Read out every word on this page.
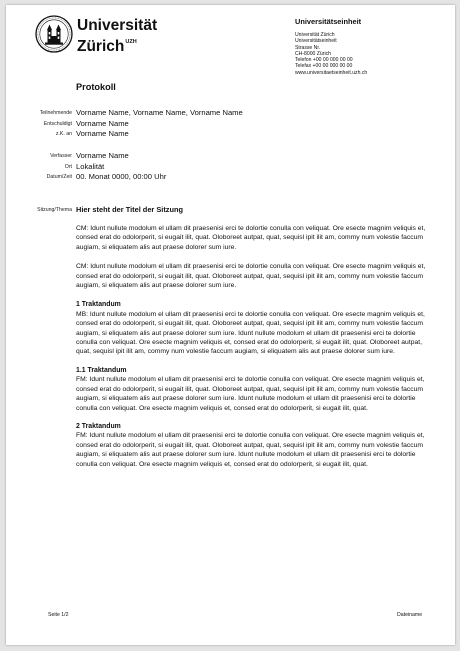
Universität
Zürich$^{UZH}$
Universitätseinheit
Universität Zürich
Universitätseinheit
Strasse Nr.
CH-8000 Zürich
Telefon +00 00 000 00 00
Telefax +00 00 000 00 00
www.universitaetseinheit.uzh.ch
Protokoll
Teilnehmende Vorname Name, Vorname Name, Vorname Name
Entschuldigt Vorname Name
z.K. an Vorname Name
Verfasser Vorname Name
Ort Lokalität
Datum/Zeit 00. Monat 0000, 00:00 Uhr
Sitzung/Thema Hier steht der Titel der Sitzung

CM: Idunt nullute modolum el ullam dit praesenisi erci te dolortie conulla con veliquat. Ore esecte magnim veliquis et, consed erat do odolorperit, si eugait ilit, quat. Oloboreet autpat, quat, sequisl ipit ilit am, commy num volestie faccum augiam, si eliquatem alis aut praese dolorer sum iure.

CM: Idunt nullute modolum el ullam dit praesenisi erci te dolortie conulla con veliquat. Ore esecte magnim veliquis et, consed erat do odolorperit, si eugait ilit, quat. Oloboreet autpat, quat, sequisl ipit ilit am, commy num volestie faccum augiam, si eliquatem alis aut praese dolorer sum iure.

1 Traktandum
MB: Idunt nullute modolum el ullam dit praesenisi erci te dolortie conulla con veliquat. Ore esecte magnim veliquis et, consed erat do odolorperit, si eugait ilit, quat. Oloboreet autpat, quat, sequisl ipit ilit am, commy num volestie faccum augiam, si eliquatem alis aut praese dolorer sum iure. Idunt nullute modolum el ullam dit praesenisi erci te dolortie conulla con veliquat. Ore esecte magnim veliquis et, consed erat do odolorperit, si eugait ilit, quat. Oloboreet autpat, quat, sequisl ipit ilit am, commy num volestie faccum augiam, si eliquatem alis aut praese dolorer sum iure.
1.1 Traktandum
FM: Idunt nullute modolum el ullam dit praesenisi erci te dolortie conulla con veliquat. Ore esecte magnim veliquis et, consed erat do odolorperit, si eugait ilit, quat. Oloboreet autpat, quat, sequisl ipit ilit am, commy num volestie faccum augiam, si eliquatem alis aut praese dolorer sum iure. Idunt nullute modolum el ullam dit praesenisi erci te dolortie conulla con veliquat. Ore esecte magnim veliquis et, consed erat do odolorperit, si eugait ilit, quat.
2 Traktandum
FM: Idunt nullute modolum el ullam dit praesenisi erci te dolortie conulla con veliquat. Ore esecte magnim veliquis et, consed erat do odolorperit, si eugait ilit, quat. Oloboreet autpat, quat, sequisl ipit ilit am, commy num volestie faccum augiam, si eliquatem alis aut praese dolorer sum iure. Idunt nullute modolum el ullam dit praesenisi erci te dolortie conulla con veliquat. Ore esecte magnim veliquis et, consed erat do odolorperit, si eugait ilit, quat.
Seite 1/2	Dateiname
